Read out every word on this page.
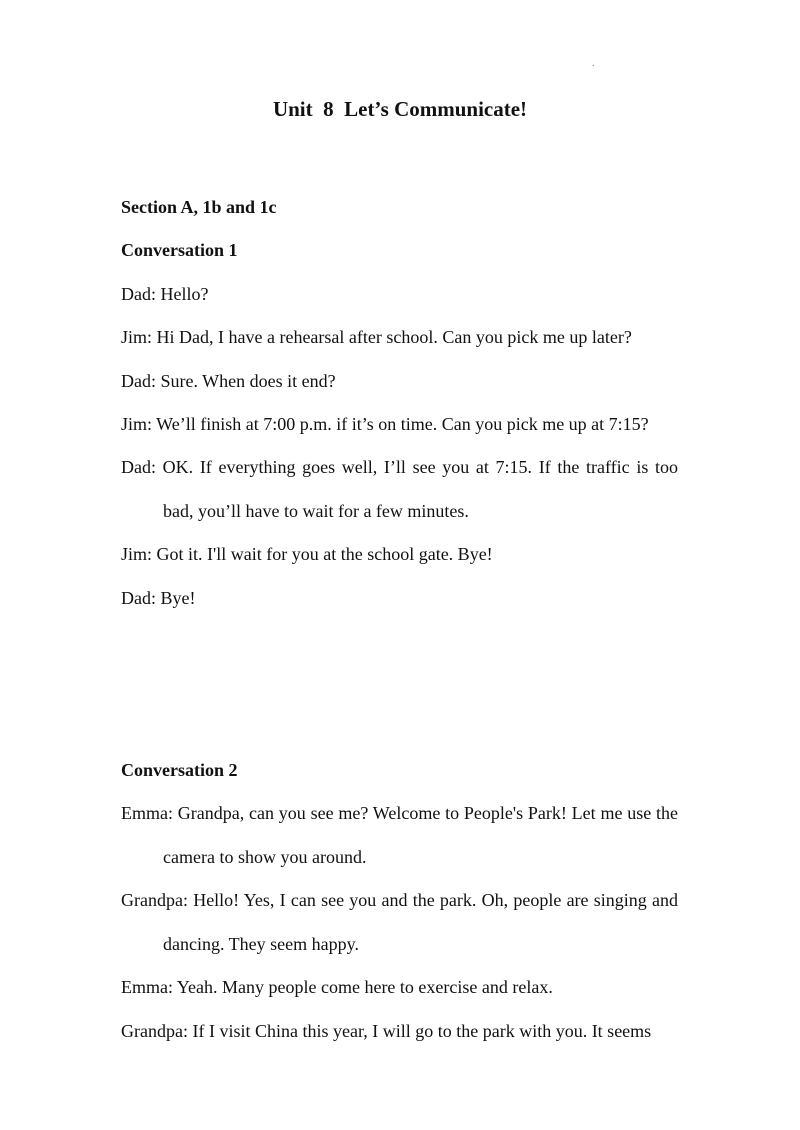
.
Unit  8  Let’s Communicate!

Section A, 1b and 1c

Conversation 1

Dad: Hello?

Jim: Hi Dad, I have a rehearsal after school. Can you pick me up later?

Dad: Sure. When does it end?

Jim: We’ll finish at 7:00 p.m. if it’s on time. Can you pick me up at 7:15?

Dad: OK. If everything goes well, I’ll see you at 7:15. If the traffic is too bad, you’ll have to wait for a few minutes.

Jim: Got it. I'll wait for you at the school gate. Bye!

Dad: Bye!

Conversation 2

Emma: Grandpa, can you see me? Welcome to People's Park! Let me use the camera to show you around.

Grandpa: Hello! Yes, I can see you and the park. Oh, people are singing and dancing. They seem happy.

Emma: Yeah. Many people come here to exercise and relax.

Grandpa: If I visit China this year, I will go to the park with you. It seems
